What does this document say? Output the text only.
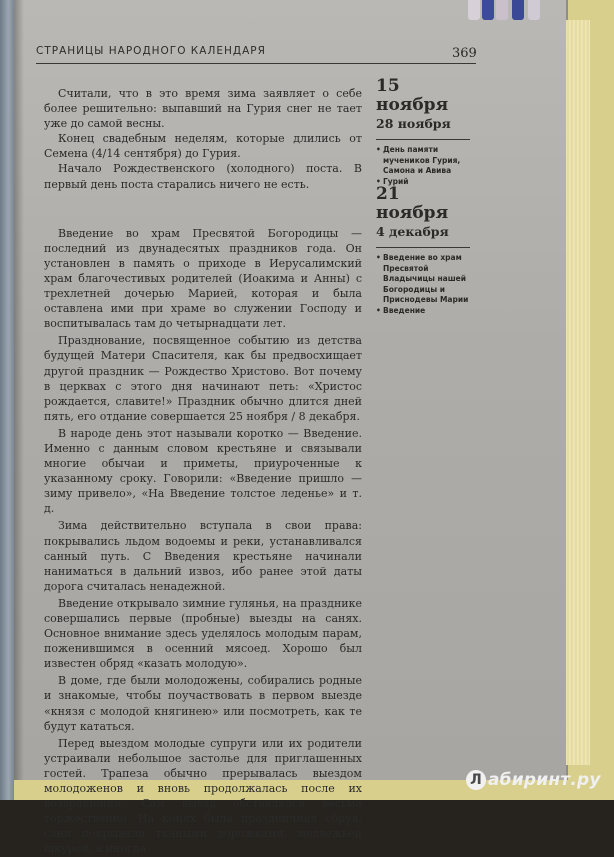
СТРАНИЦЫ НАРОДНОГО КАЛЕНДАРЯ	369

Считали, что в это время зима заявляет о себе более решительно: выпавший на Гурия снег не тает уже до самой весны.

Конец свадебным неделям, которые длились от Семена (4/14 сентября) до Гурия.

Начало Рождественского (холодного) поста. В первый день поста старались ничего не есть.

Введение во храм Пресвятой Богородицы — последний из двунадесятых праздников года. Он установлен в память о приходе в Иерусалимский храм благочестивых родителей (Иоакима и Анны) с трехлетней дочерью Марией, которая и была оставлена ими при храме во служении Господу и воспитывалась там до четырнадцати лет.

Празднование, посвященное событию из детства будущей Матери Спасителя, как бы предвосхищает другой праздник — Рождество Христово. Вот почему в церквах с этого дня начинают петь: «Христос рождается, славите!» Праздник обычно длится дней пять, его отдание совершается 25 ноября / 8 декабря.

В народе день этот называли коротко — Введение. Именно с данным словом крестьяне и связывали многие обычаи и приметы, приуроченные к указанному сроку. Говорили: «Введение пришло — зиму привело», «На Введение толстое леденье» и т. д.

Зима действительно вступала в свои права: покрывались льдом водоемы и реки, устанавливался санный путь. С Введения крестьяне начинали наниматься в дальний извоз, ибо ранее этой даты дорога считалась ненадежной.

Введение открывало зимние гулянья, на празднике совершались первые (пробные) выезды на санях. Основное внимание здесь уделялось молодым парам, поженившимся в осенний мясоед. Хорошо был известен обряд «казать молодую».

В доме, где были молодожены, собирались родные и знакомые, чтобы поучаствовать в первом выезде «князя с молодой княгинею» или посмотреть, как те будут кататься.

Перед выездом молодые супруги или их родители устраивали небольшое застолье для приглашенных гостей. Трапеза обычно прерывалась выездом молодоженов и вновь продолжалась после их возвращения. Сам выезд обставлялся весьма торжественно. На конях была праздничная сбруя, сани покрывали ткаными дорожками, медвежьей шкурой, а иногда

15 ноября
28 ноября
• День памяти мучеников Гурия, Самона и Авива
• Гурий
21 ноября
4 декабря
• Введение во храм Пресвятой Владычицы нашей Богородицы и Приснодевы Марии
• Введение
Л абиринт.ру
